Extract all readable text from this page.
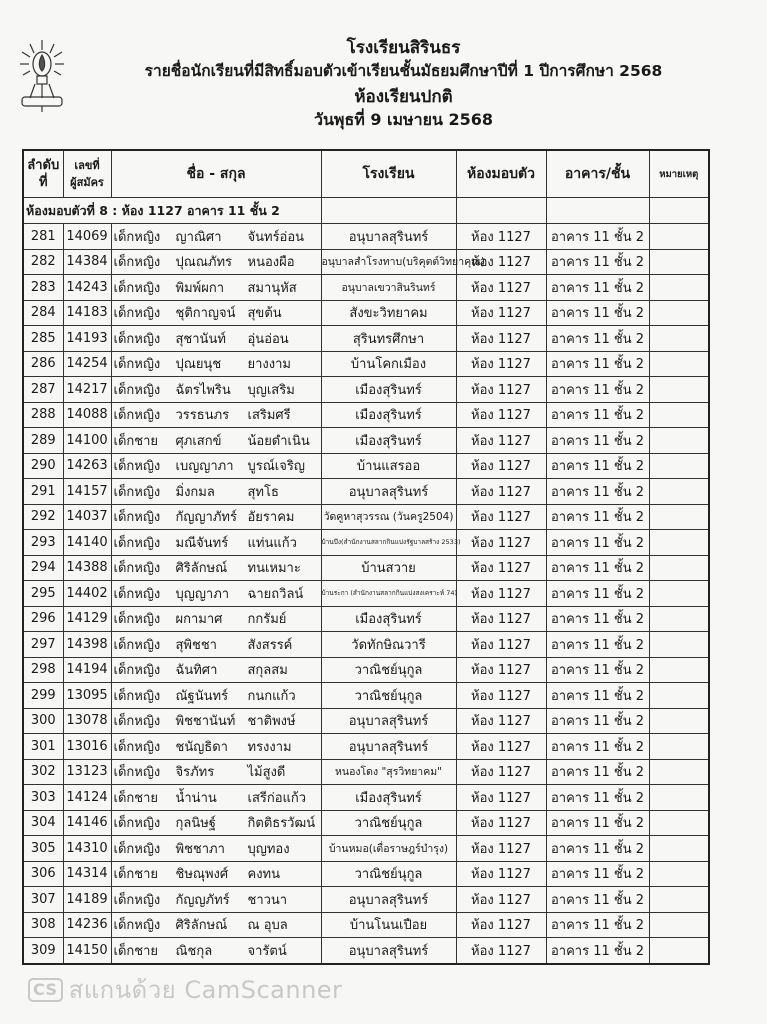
โรงเรียนสิรินธร
รายชื่อนักเรียนที่มีสิทธิ์มอบตัวเข้าเรียนชั้นมัธยมศึกษาปีที่ 1 ปีการศึกษา 2568
ห้องเรียนปกติ
วันพุธที่ 9 เมษายน 2568
ลำดับ
ที่

เลขที่
ผู้สมัคร
	ชื่อ - สกุล	โรงเรียน	ห้องมอบตัว	อาคาร/ชั้น	หมายเหตุ
ห้องมอบตัวที่ 8 : ห้อง 1127 อาคาร 11 ชั้น 2				
281	14069	เด็กหญิง	ญาณิศา	จันทร์อ่อน	อนุบาลสุรินทร์	ห้อง 1127	อาคาร 11 ชั้น 2	
282	14384	เด็กหญิง	ปุณณภัทร	หนองผือ	อนุบาลสำโรงทาบ(บริคุตต์วิทยาคุณ)	ห้อง 1127	อาคาร 11 ชั้น 2	
283	14243	เด็กหญิง	พิมพ์ผกา	สมานุหัส	อนุบาลเขวาสินรินทร์	ห้อง 1127	อาคาร 11 ชั้น 2	
284	14183	เด็กหญิง	ชุติกาญจน์ สุขต้น	สังขะวิทยาคม	ห้อง 1127	อาคาร 11 ชั้น 2	
285	14193	เด็กหญิง	สุชานันท์	อุ่นอ่อน	สุรินทรศึกษา	ห้อง 1127	อาคาร 11 ชั้น 2	
286	14254	เด็กหญิง	ปุณยนุช	ยางงาม	บ้านโคกเมือง	ห้อง 1127	อาคาร 11 ชั้น 2	
287	14217	เด็กหญิง	ฉัตรไพริน	บุญเสริม	เมืองสุรินทร์	ห้อง 1127	อาคาร 11 ชั้น 2	
288	14088	เด็กหญิง	วรรธนภร	เสริมศรี	เมืองสุรินทร์	ห้อง 1127	อาคาร 11 ชั้น 2	
289	14100	เด็กชาย	ศุภเสกข์	น้อยดำเนิน	เมืองสุรินทร์	ห้อง 1127	อาคาร 11 ชั้น 2	
290	14263	เด็กหญิง	เบญญาภา	บูรณ์เจริญ	บ้านแสรออ	ห้อง 1127	อาคาร 11 ชั้น 2	
291	14157	เด็กหญิง	มิ่งกมล	สุทโธ	อนุบาลสุรินทร์	ห้อง 1127	อาคาร 11 ชั้น 2	
292	14037	เด็กหญิง	กัญญาภัทร์ อัยราคม	วัดคูหาสุวรรณ (วันครู2504)	ห้อง 1127	อาคาร 11 ชั้น 2	
293	14140	เด็กหญิง	มณีจันทร์	แท่นแก้ว	บ้านบึง(สำนักงานสลากกินแบ่งรัฐบาลสร้าง 2533)	ห้อง 1127	อาคาร 11 ชั้น 2	
294	14388	เด็กหญิง	ศิริลักษณ์	ทนเหมาะ	บ้านสวาย	ห้อง 1127	อาคาร 11 ชั้น 2	
295	14402	เด็กหญิง	บุญญาภา	ฉายถวิลน์	บ้านระกา (สำนักงานสลากกินแบ่งสงเคราะห์ 74)	ห้อง 1127	อาคาร 11 ชั้น 2	
296	14129	เด็กหญิง	ผกามาศ	กกรัมย์	เมืองสุรินทร์	ห้อง 1127	อาคาร 11 ชั้น 2	
297	14398	เด็กหญิง	สุพิชชา	สังสรรค์	วัดทักษิณวารี	ห้อง 1127	อาคาร 11 ชั้น 2	
298	14194	เด็กหญิง	ฉันทิศา	สกุลสม	วาณิชย์นุกูล	ห้อง 1127	อาคาร 11 ชั้น 2	
299	13095	เด็กหญิง	ณัฐนันทร์	กนกแก้ว	วาณิชย์นุกูล	ห้อง 1127	อาคาร 11 ชั้น 2	
300	13078	เด็กหญิง	พิชชานันท์ ชาติพงษ์	อนุบาลสุรินทร์	ห้อง 1127	อาคาร 11 ชั้น 2	
301	13016	เด็กหญิง	ชนัญธิดา	ทรงงาม	อนุบาลสุรินทร์	ห้อง 1127	อาคาร 11 ชั้น 2	
302	13123	เด็กหญิง	จิรภัทร	ไม้สูงดี	หนองโดง "สุรวิทยาคม"	ห้อง 1127	อาคาร 11 ชั้น 2	
303	14124	เด็กชาย	น้ำน่าน	เสรีก่อแก้ว	เมืองสุรินทร์	ห้อง 1127	อาคาร 11 ชั้น 2	
304	14146	เด็กหญิง	กุลนิษฐ์	กิตติธรวัฒน์	วาณิชย์นุกูล	ห้อง 1127	อาคาร 11 ชั้น 2	
305	14310	เด็กหญิง	พิชชาภา	บุญทอง	บ้านหมอ(เตื่อราษฎร์บำรุง)	ห้อง 1127	อาคาร 11 ชั้น 2	
306	14314	เด็กชาย	ชิษณุพงศ์	คงทน	วาณิชย์นุกูล	ห้อง 1127	อาคาร 11 ชั้น 2	
307	14189	เด็กหญิง	กัญญภัทร์	ชาวนา	อนุบาลสุรินทร์	ห้อง 1127	อาคาร 11 ชั้น 2	
308	14236	เด็กหญิง	ศิริลักษณ์	ณ อุบล	บ้านโนนเปือย	ห้อง 1127	อาคาร 11 ชั้น 2	
309	14150	เด็กชาย	ณิชกุล	จารัตน์	อนุบาลสุรินทร์	ห้อง 1127	อาคาร 11 ชั้น 2	
CS สแกนด้วย CamScanner
